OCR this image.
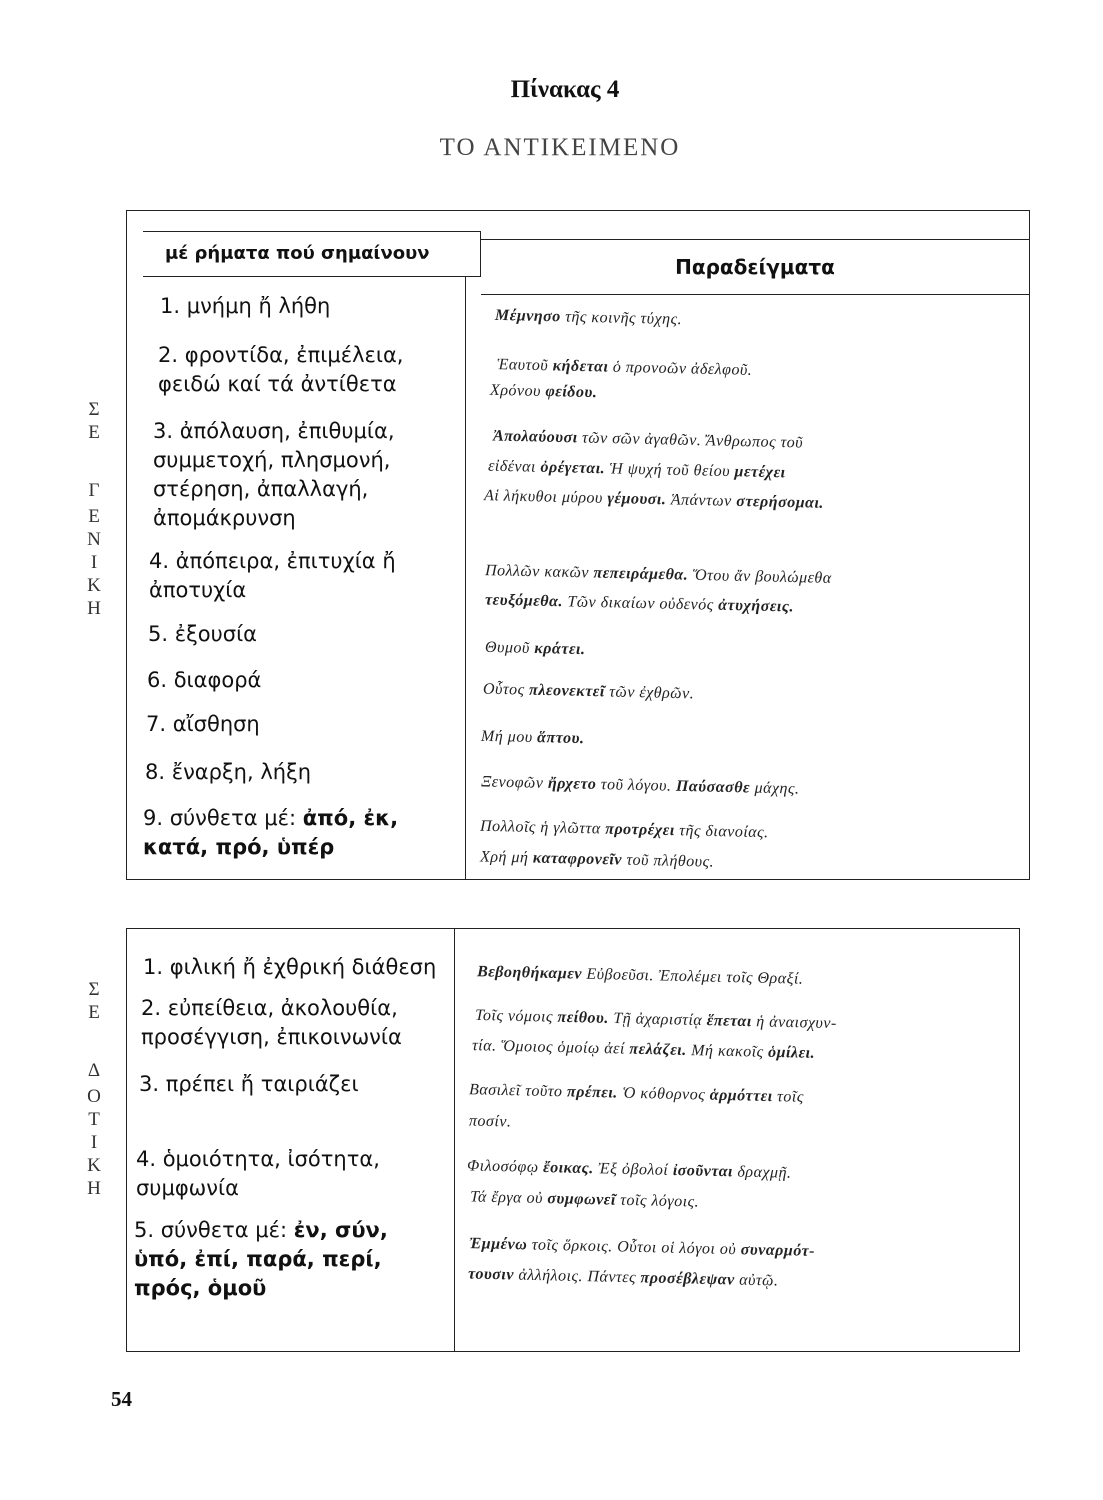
Πίνακας 4
ΤΟ ΑΝΤΙΚΕΙΜΕΝΟ
Σ
Ε
Γ
Ε
Ν
Ι
Κ
Η
μέ ρήματα πού σημαίνουν
Παραδείγματα
1. μνήμη ἤ λήθη
2. φροντίδα, ἐπιμέλεια,
φειδώ καί τά ἀντίθετα
3. ἀπόλαυση, ἐπιθυμία,
συμμετοχή, πλησμονή,
στέρηση, ἀπαλλαγή,
ἀπομάκρυνση
4. ἀπόπειρα, ἐπιτυχία ἤ
ἀποτυχία
5. ἐξουσία
6. διαφορά
7. αἴσθηση
8. ἔναρξη, λήξη
9. σύνθετα μέ: ἀπό, ἐκ,
κατά, πρό, ὑπέρ
Μέμνησο τῆς κοινῆς τύχης.
Ἑαυτοῦ κήδεται ὁ προνοῶν ἀδελφοῦ.
Χρόνου φείδου.
Ἀπολαύουσι τῶν σῶν ἀγαθῶν. Ἄνθρωπος τοῦ
εἰδέναι ὀρέγεται. Ἡ ψυχή τοῦ θείου μετέχει
Αἱ λήκυθοι μύρου γέμουσι. Ἁπάντων στερήσομαι.
Πολλῶν κακῶν πεπειράμεθα. Ὅτου ἄν βουλώμεθα
τευξόμεθα. Τῶν δικαίων οὐδενός ἀτυχήσεις.
Θυμοῦ κράτει.
Οὗτος πλεονεκτεῖ τῶν ἐχθρῶν.
Μή μου ἅπτου.
Ξενοφῶν ἤρχετο τοῦ λόγου. Παύσασθε μάχης.
Πολλοῖς ἡ γλῶττα προτρέχει τῆς διανοίας.
Χρή μή καταφρονεῖν τοῦ πλήθους.
Σ
Ε
Δ
Ο
Τ
Ι
Κ
Η
1. φιλική ἤ ἐχθρική διάθεση
2. εὐπείθεια, ἀκολουθία,
προσέγγιση, ἐπικοινωνία
3. πρέπει ἤ ταιριάζει
4. ὁμοιότητα, ἰσότητα,
συμφωνία
5. σύνθετα μέ: ἐν, σύν,
ὑπό, ἐπί, παρά, περί,
πρός, ὁμοῦ
Βεβοηθήκαμεν Εὐβοεῦσι. Ἐπολέμει τοῖς Θραξί.
Τοῖς νόμοις πείθου. Τῇ ἀχαριστίᾳ ἕπεται ἡ ἀναισχυν-
τία. Ὅμοιος ὁμοίῳ ἀεί πελάζει. Μή κακοῖς ὁμίλει.
Βασιλεῖ τοῦτο πρέπει. Ὁ κόθορνος ἁρμόττει τοῖς
ποσίν.
Φιλοσόφῳ ἔοικας. Ἐξ ὀβολοί ἰσοῦνται δραχμῇ.
Τά ἔργα οὐ συμφωνεῖ τοῖς λόγοις.
Ἐμμένω τοῖς ὅρκοις. Οὗτοι οἱ λόγοι οὐ συναρμότ-
τουσιν ἀλλήλοις. Πάντες προσέβλεψαν αὐτῷ.
54
